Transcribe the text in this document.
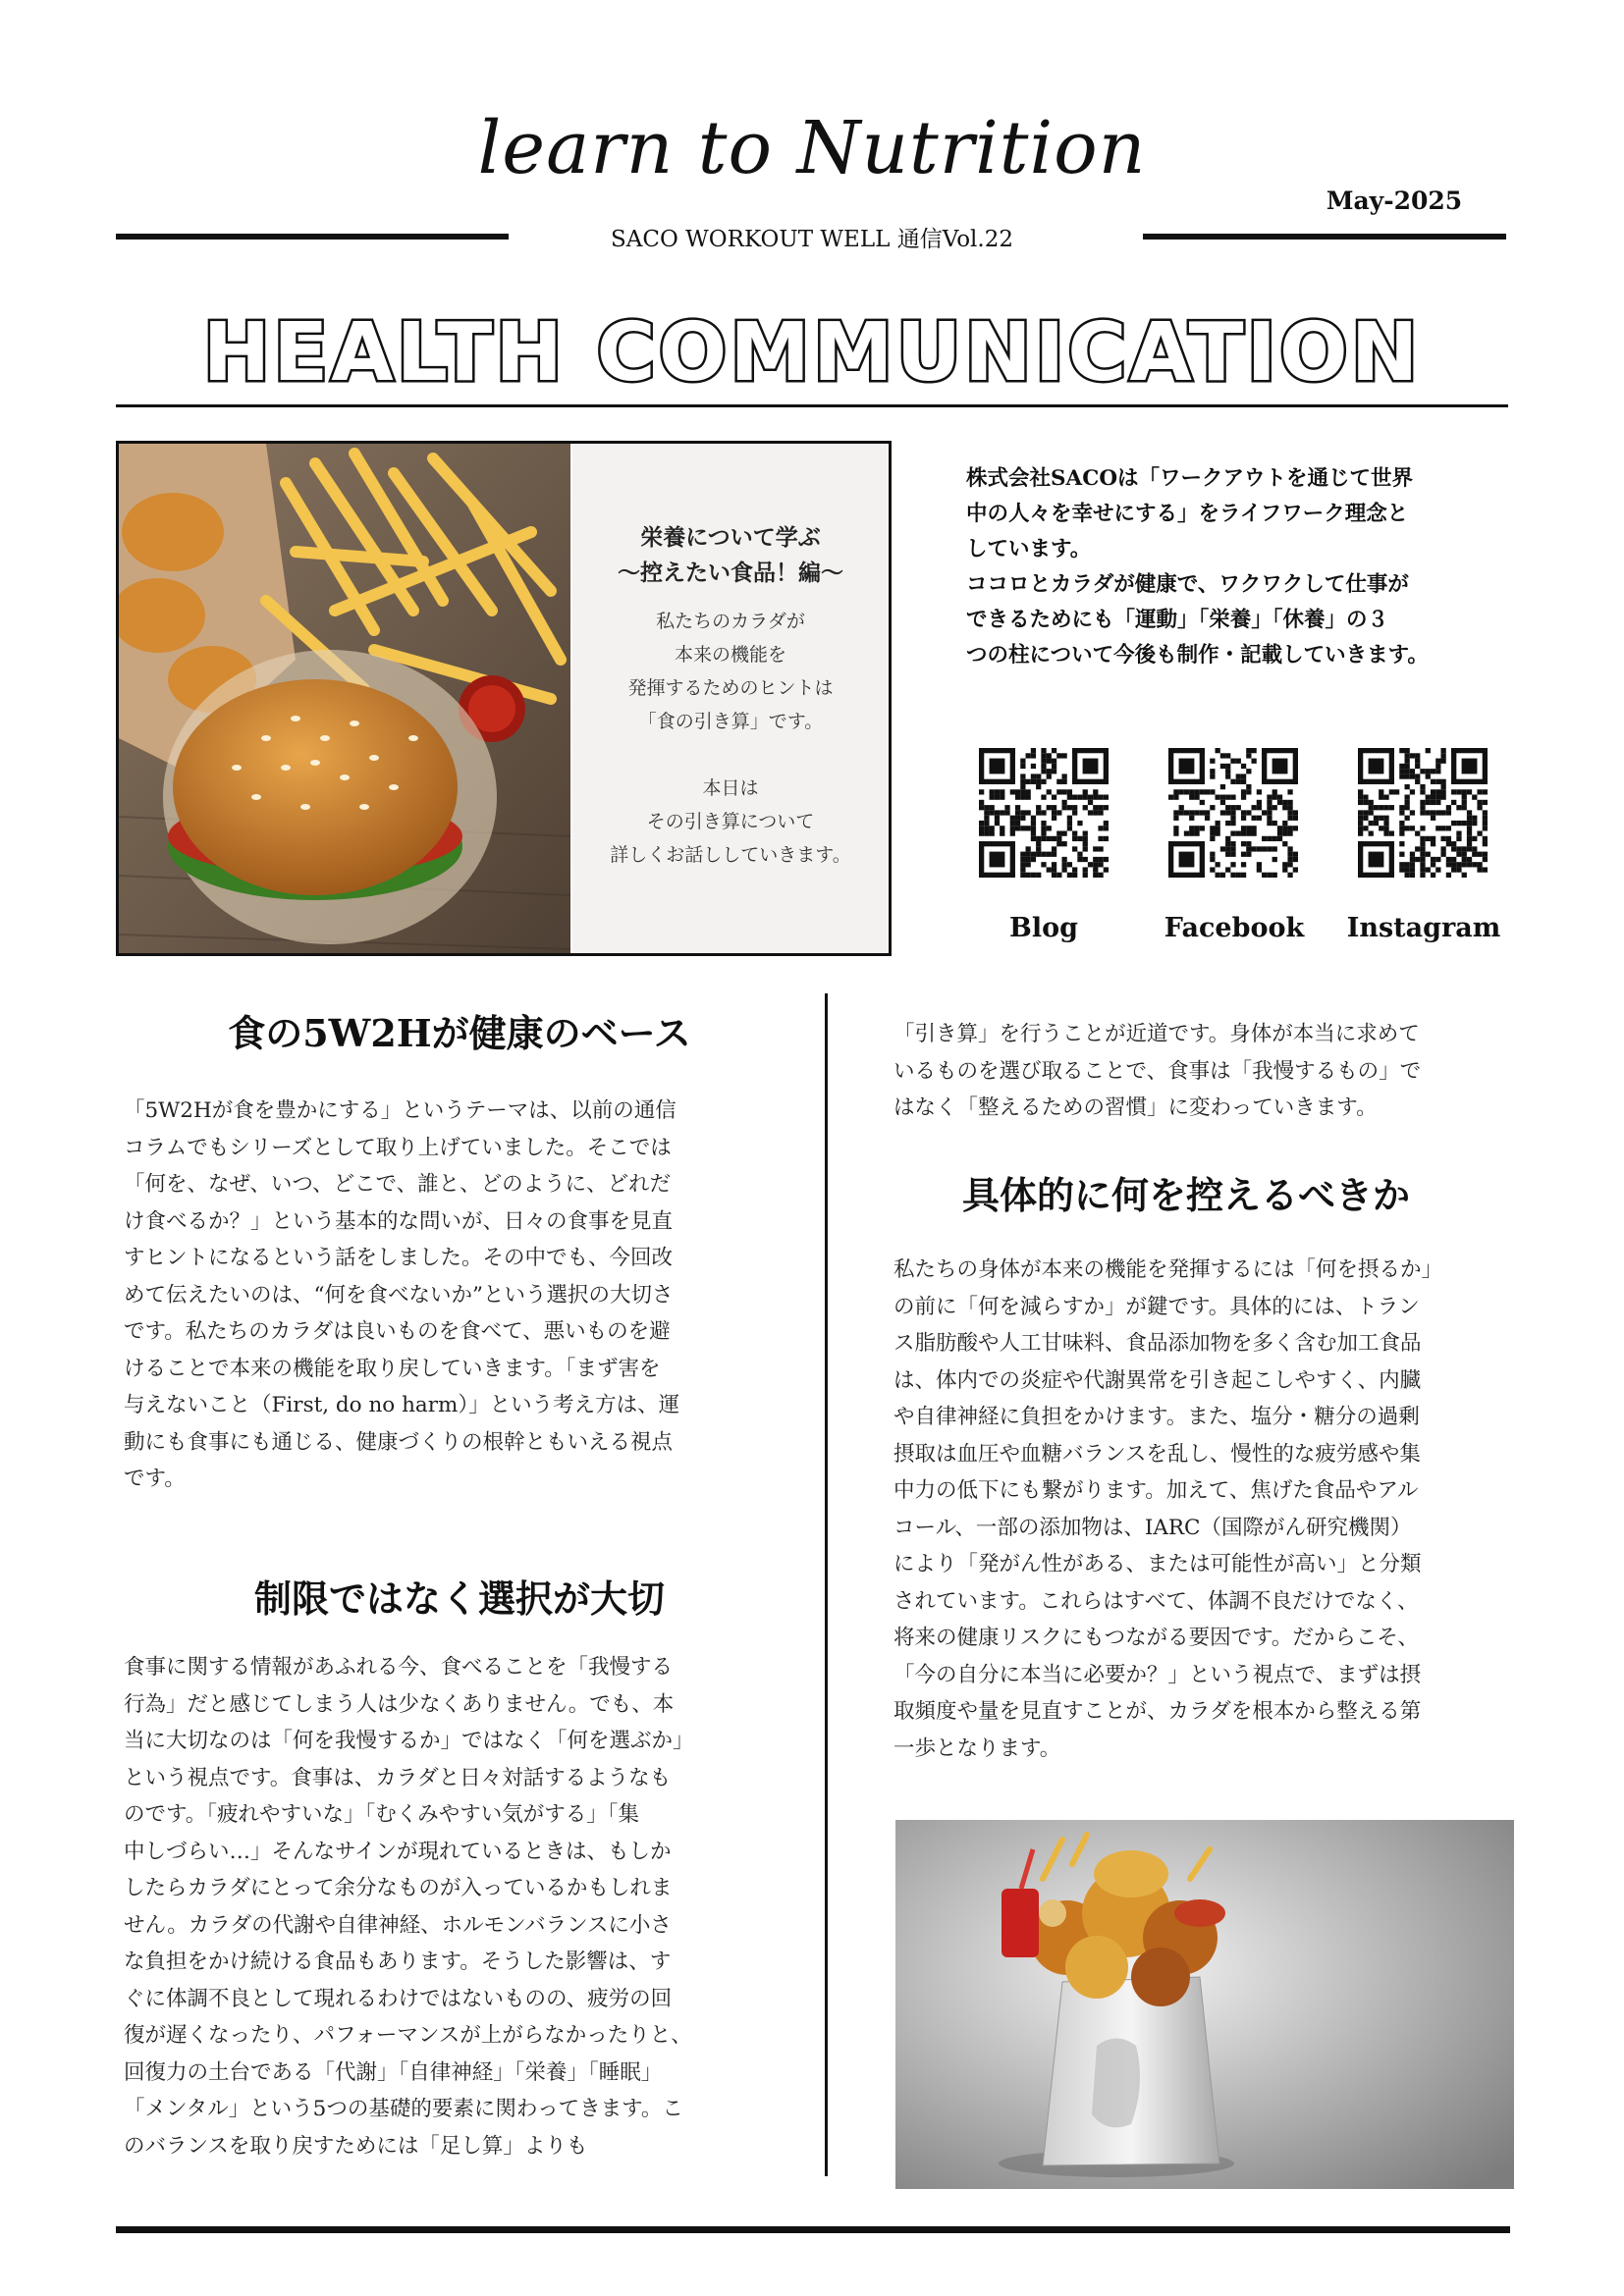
learn to Nutrition
SACO WORKOUT WELL 通信Vol.22
May-2025
HEALTH COMMUNICATION
栄養について学ぶ
〜控えたい食品！編〜
私たちのカラダが
本来の機能を
発揮するためのヒントは
「食の引き算」です。
本日は
その引き算について
詳しくお話ししていきます。
株式会社SACOは「ワークアウトを通じて世界
中の人々を幸せにする」をライフワーク理念と
しています。
ココロとカラダが健康で、ワクワクして仕事が
できるためにも「運動」「栄養」「休養」の３
つの柱について今後も制作・記載していきます。
Blog	Facebook	Instagram
食の5W2Hが健康のベース
「5W2Hが食を豊かにする」というテーマは、以前の通信
コラムでもシリーズとして取り上げていました。そこでは
「何を、なぜ、いつ、どこで、誰と、どのように、どれだ
け食べるか？」という基本的な問いが、日々の食事を見直
すヒントになるという話をしました。その中でも、今回改
めて伝えたいのは、“何を食べないか”という選択の大切さ
です。私たちのカラダは良いものを食べて、悪いものを避
けることで本来の機能を取り戻していきます。「まず害を
与えないこと（First, do no harm）」という考え方は、運
動にも食事にも通じる、健康づくりの根幹ともいえる視点
です。
制限ではなく選択が大切
食事に関する情報があふれる今、食べることを「我慢する
行為」だと感じてしまう人は少なくありません。でも、本
当に大切なのは「何を我慢するか」ではなく「何を選ぶか」
という視点です。食事は、カラダと日々対話するようなも
のです。「疲れやすいな」「むくみやすい気がする」「集
中しづらい…」そんなサインが現れているときは、もしか
したらカラダにとって余分なものが入っているかもしれま
せん。カラダの代謝や自律神経、ホルモンバランスに小さ
な負担をかけ続ける食品もあります。そうした影響は、す
ぐに体調不良として現れるわけではないものの、疲労の回
復が遅くなったり、パフォーマンスが上がらなかったりと、
回復力の土台である「代謝」「自律神経」「栄養」「睡眠」
「メンタル」という5つの基礎的要素に関わってきます。こ
のバランスを取り戻すためには「足し算」よりも
「引き算」を行うことが近道です。身体が本当に求めて
いるものを選び取ることで、食事は「我慢するもの」で
はなく「整えるための習慣」に変わっていきます。
具体的に何を控えるべきか
私たちの身体が本来の機能を発揮するには「何を摂るか」
の前に「何を減らすか」が鍵です。具体的には、トラン
ス脂肪酸や人工甘味料、食品添加物を多く含む加工食品
は、体内での炎症や代謝異常を引き起こしやすく、内臓
や自律神経に負担をかけます。また、塩分・糖分の過剰
摂取は血圧や血糖バランスを乱し、慢性的な疲労感や集
中力の低下にも繋がります。加えて、焦げた食品やアル
コール、一部の添加物は、IARC（国際がん研究機関）
により「発がん性がある、または可能性が高い」と分類
されています。これらはすべて、体調不良だけでなく、
将来の健康リスクにもつながる要因です。だからこそ、
「今の自分に本当に必要か？」という視点で、まずは摂
取頻度や量を見直すことが、カラダを根本から整える第
一歩となります。
